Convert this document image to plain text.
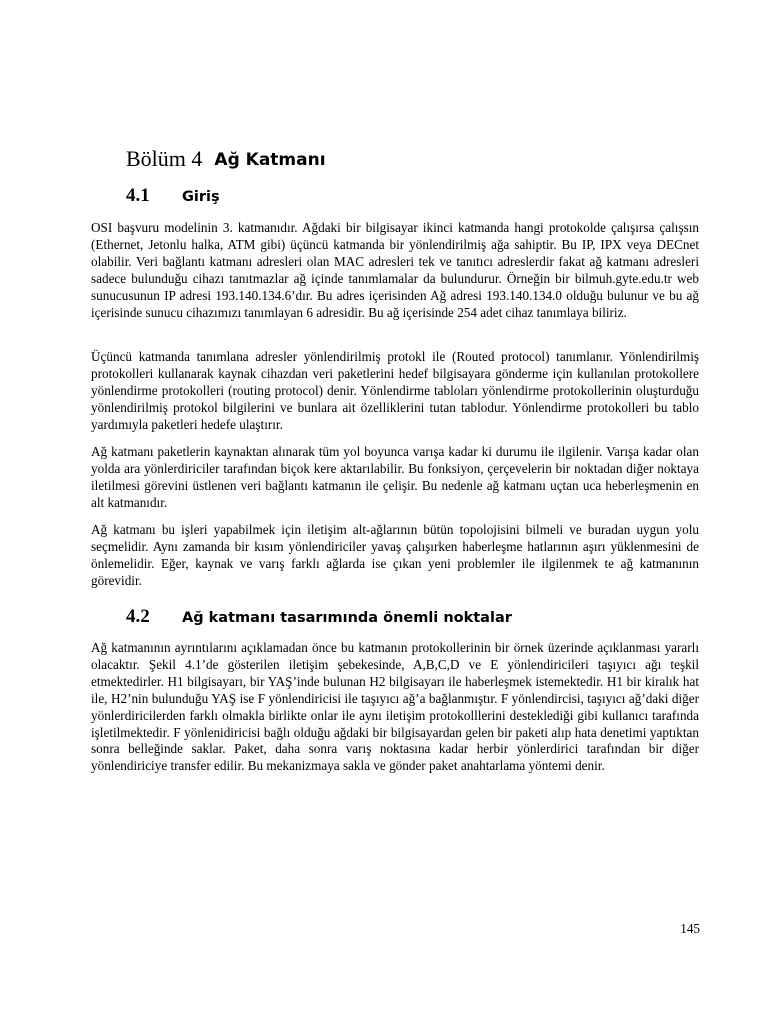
Bölüm 4 Ağ Katmanı
4.1 Giriş

OSI başvuru modelinin 3. katmanıdır. Ağdaki bir bilgisayar ikinci katmanda hangi protokolde çalışırsa çalışsın (Ethernet, Jetonlu halka, ATM gibi) üçüncü katmanda bir yönlendirilmiş ağa sahiptir. Bu IP, IPX veya DECnet olabilir. Veri bağlantı katmanı adresleri olan MAC adresleri tek ve tanıtıcı adreslerdir fakat ağ katmanı adresleri sadece bulunduğu cihazı tanıtmazlar ağ içinde tanımlamalar da bulundurur. Örneğin bir bilmuh.gyte.edu.tr web sunucusunun IP adresi 193.140.134.6’dır. Bu adres içerisinden Ağ adresi 193.140.134.0 olduğu bulunur ve bu ağ içerisinde sunucu cihazımızı tanımlayan 6 adresidir. Bu ağ içerisinde 254 adet cihaz tanımlaya biliriz.

Üçüncü katmanda tanımlana adresler yönlendirilmiş protokl ile (Routed protocol) tanımlanır. Yönlendirilmiş protokolleri kullanarak kaynak cihazdan veri paketlerini hedef bilgisayara gönderme için kullanılan protokollere yönlendirme protokolleri (routing protocol) denir. Yönlendirme tabloları yönlendirme protokollerinin oluşturduğu yönlendirilmiş protokol bilgilerini ve bunlara ait özelliklerini tutan tablodur. Yönlendirme protokolleri bu tablo yardımıyla paketleri hedefe ulaştırır.

Ağ katmanı paketlerin kaynaktan alınarak tüm yol boyunca varışa kadar ki durumu ile ilgilenir. Varışa kadar olan yolda ara yönlerdiriciler tarafından biçok kere aktarılabilir. Bu fonksiyon, çerçevelerin bir noktadan diğer noktaya iletilmesi görevini üstlenen veri bağlantı katmanın ile çelişir. Bu nedenle ağ katmanı uçtan uca heberleşmenin en alt katmanıdır.

Ağ katmanı bu işleri yapabilmek için iletişim alt-ağlarının bütün topolojisini bilmeli ve buradan uygun yolu seçmelidir. Aynı zamanda bir kısım yönlendiriciler yavaş çalışırken haberleşme hatlarının aşırı yüklenmesini de önlemelidir. Eğer, kaynak ve varış farklı ağlarda ise çıkan yeni problemler ile ilgilenmek te ağ katmanının görevidir.

4.2 Ağ katmanı tasarımında önemli noktalar

Ağ katmanının ayrıntılarını açıklamadan önce bu katmanın protokollerinin bir örnek üzerinde açıklanması yararlı olacaktır. Şekil 4.1’de gösterilen iletişim şebekesinde, A,B,C,D ve E yönlendiricileri taşıyıcı ağı teşkil etmektedirler. H1 bilgisayarı, bir YAŞ’inde bulunan H2 bilgisayarı ile haberleşmek istemektedir. H1 bir kiralık hat ile, H2’nin bulunduğu YAŞ ise F yönlendiricisi ile taşıyıcı ağ’a bağlanmıştır. F yönlendircisi, taşıyıcı ağ’daki diğer yönlerdiricilerden farklı olmakla birlikte onlar ile aynı iletişim protokolllerini desteklediği gibi kullanıcı tarafında işletilmektedir. F yönlenidiricisi bağlı olduğu ağdaki bir bilgisayardan gelen bir paketi alıp hata denetimi yaptıktan sonra belleğinde saklar. Paket, daha sonra varış noktasına kadar herbir yönlerdirici tarafından bir diğer yönlendiriciye transfer edilir. Bu mekanizmaya sakla ve gönder paket anahtarlama yöntemi denir.

145
